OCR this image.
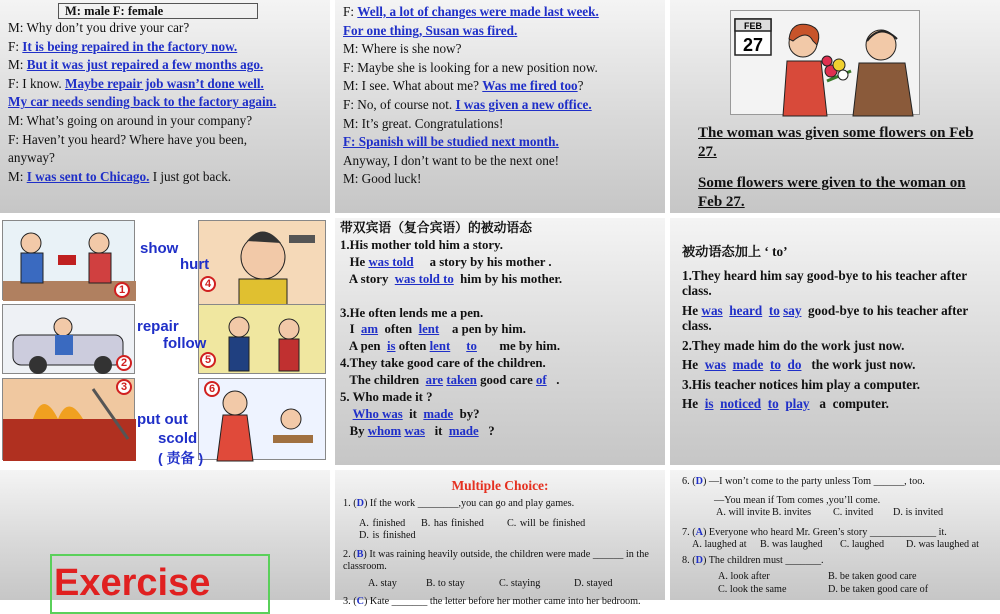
M: male F: female
M: Why don’t you drive your car?
F: It is being repaired in the factory now.
M: But it was just repaired a few months ago.
F: I know. Maybe repair job wasn’t done well.
My car needs sending back to the factory again.
M: What’s going on around in your company?
F: Haven’t you heard? Where have you been,
anyway?
M: I was sent to Chicago. I just got back.
F: Well, a lot of changes were made last week.
For one thing, Susan was fired.
M: Where is she now?
F: Maybe she is looking for a new position now.
M: I see. What about me? Was me fired too?
F: No, of course not. I was given a new office.
M: It’s great. Congratulations!
F: Spanish will be studied next month.
Anyway, I don’t want to be the next one!
M: Good luck!
FEB
27
The woman was given some flowers on Feb 27.
Some flowers were given to the woman on Feb 27.
show
hurt
repair
follow
put out
scold
( 责备 )
1	4
2	5
3	6
带双宾语（复合宾语）的被动语态
1.His mother told him a story.
He was told     a story by his mother .
A story  was told to  him by his mother.

3.He often lends me a pen.
I  am  often  lent    a pen by him.
A pen  is often lent to       me by him.
4.They take good care of the children.
The children  are taken good care of   .
5. Who made it ?
Who was  it  made  by?
By whom was   it  made   ?

被动语态加上 ‘ to’

1.They heard him say good-bye to his teacher after class.

He was heard to say  good-bye to his teacher after class.

2.They made him do the work just now.

He  was made to do   the work just now.

3.His teacher notices him play a computer.

He  is noticed to play   a  computer.

Exercise
Multiple Choice:
1. (D) If the work ________,you can go and play games.
A. finished B. has finished C. will be finishedD. is finished
2. (B) It was raining heavily outside, the children were made ______ in the classroom.
A. stay	B. to stay	C. staying	D. stayed
3. (C) Kate _______ the letter before her mother came into her bedroom.
6. (D) —I won’t come to the party unless Tom ______, too.
—You mean if Tom comes ,you’ll come.
A. will invite B. invites C. invited D. is invited
7. (A) Everyone who heard Mr. Green’s story _____________ it.
A. laughed at B. was laughed C. laughed D. was laughed at
8. (D) The children must _______.
A. look after	B. be taken good care
C. look the same	D. be taken good care of
